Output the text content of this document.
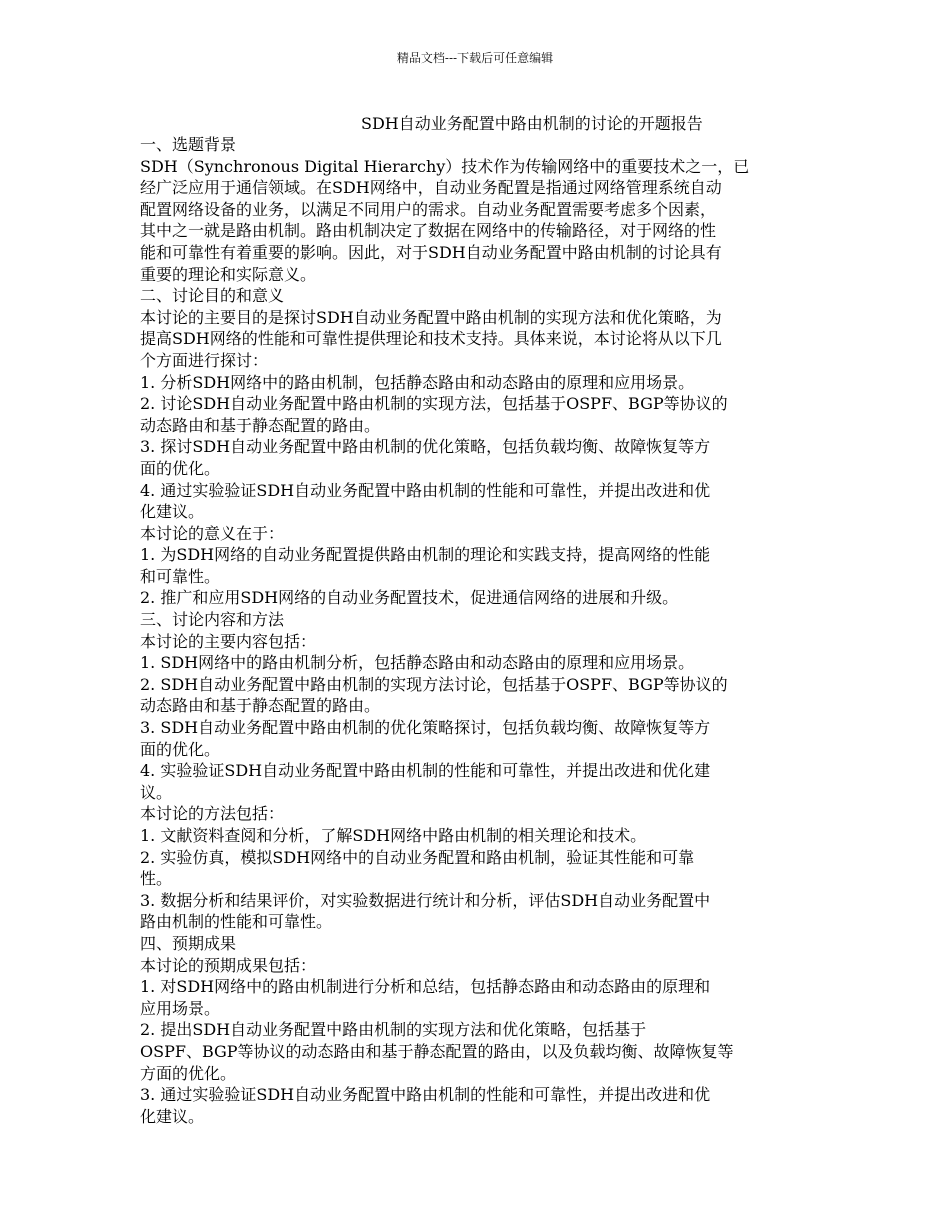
精品文档---下载后可任意编辑
SDH自动业务配置中路由机制的讨论的开题报告
一、选题背景
SDH（Synchronous Digital Hierarchy）技术作为传输网络中的重要技术之一，已
经广泛应用于通信领域。在SDH网络中，自动业务配置是指通过网络管理系统自动
配置网络设备的业务，以满足不同用户的需求。自动业务配置需要考虑多个因素，
其中之一就是路由机制。路由机制决定了数据在网络中的传输路径，对于网络的性
能和可靠性有着重要的影响。因此，对于SDH自动业务配置中路由机制的讨论具有
重要的理论和实际意义。
二、讨论目的和意义
本讨论的主要目的是探讨SDH自动业务配置中路由机制的实现方法和优化策略，为
提高SDH网络的性能和可靠性提供理论和技术支持。具体来说，本讨论将从以下几
个方面进行探讨：
1. 分析SDH网络中的路由机制，包括静态路由和动态路由的原理和应用场景。
2. 讨论SDH自动业务配置中路由机制的实现方法，包括基于OSPF、BGP等协议的
动态路由和基于静态配置的路由。
3. 探讨SDH自动业务配置中路由机制的优化策略，包括负载均衡、故障恢复等方
面的优化。
4. 通过实验验证SDH自动业务配置中路由机制的性能和可靠性，并提出改进和优
化建议。
本讨论的意义在于：
1. 为SDH网络的自动业务配置提供路由机制的理论和实践支持，提高网络的性能
和可靠性。
2. 推广和应用SDH网络的自动业务配置技术，促进通信网络的进展和升级。
三、讨论内容和方法
本讨论的主要内容包括：
1. SDH网络中的路由机制分析，包括静态路由和动态路由的原理和应用场景。
2. SDH自动业务配置中路由机制的实现方法讨论，包括基于OSPF、BGP等协议的
动态路由和基于静态配置的路由。
3. SDH自动业务配置中路由机制的优化策略探讨，包括负载均衡、故障恢复等方
面的优化。
4. 实验验证SDH自动业务配置中路由机制的性能和可靠性，并提出改进和优化建
议。
本讨论的方法包括：
1. 文献资料查阅和分析，了解SDH网络中路由机制的相关理论和技术。
2. 实验仿真，模拟SDH网络中的自动业务配置和路由机制，验证其性能和可靠
性。
3. 数据分析和结果评价，对实验数据进行统计和分析，评估SDH自动业务配置中
路由机制的性能和可靠性。
四、预期成果
本讨论的预期成果包括：
1. 对SDH网络中的路由机制进行分析和总结，包括静态路由和动态路由的原理和
应用场景。
2. 提出SDH自动业务配置中路由机制的实现方法和优化策略，包括基于
OSPF、BGP等协议的动态路由和基于静态配置的路由，以及负载均衡、故障恢复等
方面的优化。
3. 通过实验验证SDH自动业务配置中路由机制的性能和可靠性，并提出改进和优
化建议。
